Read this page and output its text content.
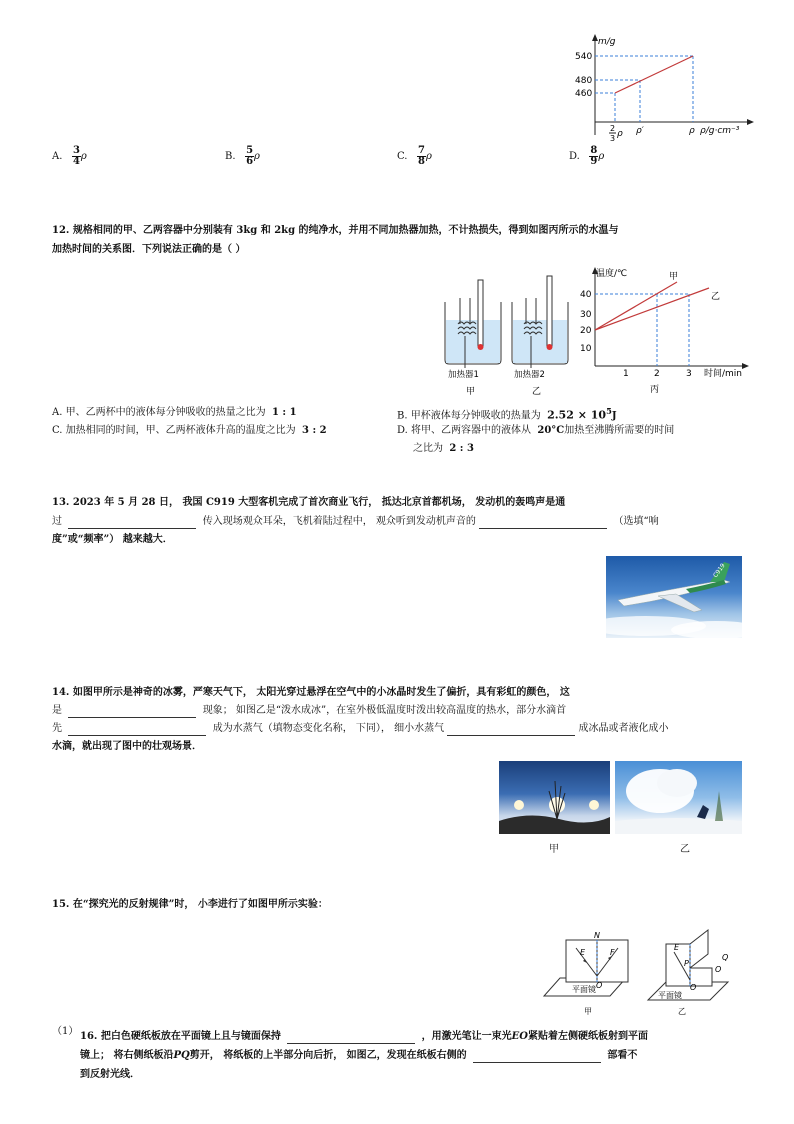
m/g
540
480
460
2
3 ρ ρ′	ρ ρ/g·cm⁻³
A. $\frac{3}{4}$ ρ	B. $\frac{5}{6}$ ρ	C. $\frac{7}{8}$ ρ	D. $\frac{8}{9}$ ρ
12. 规格相同的甲、乙两容器中分别装有 3kg 和 2kg 的纯净水，并用不同加热器加热，不计热损失，得到如图丙所示的水温与
加热时间的关系图．下列说法正确的是（ ）
加热器1	加热器2
甲	乙
温度/℃
40
30
20
10
甲
乙
1	2	3 时间/min
丙
A. 甲、乙两杯中的液体每分钟吸收的热量之比为 1 : 1	B. 甲杯液体每分钟吸收的热量为 $2.52 \times 10^5J$
C. 加热相同的时间，甲、乙两杯液体升高的温度之比为 3 : 2	D. 将甲、乙两容器中的液体从 20°C加热至沸腾所需要的时间
之比为 2 : 3
13. 2023 年 5 月 28 日， 我国 C919 大型客机完成了首次商业飞行， 抵达北京首都机场， 发动机的轰鸣声是通
过	传入现场观众耳朵，飞机着陆过程中， 观众听到发动机声音的	（选填“响
度”或“频率”） 越来越大．
C919
14. 如图甲所示是神奇的冰雾，严寒天气下， 太阳光穿过悬浮在空气中的小冰晶时发生了偏折，具有彩虹的颜色， 这
是	现象； 如图乙是“泼水成冰”，在室外极低温度时泼出较高温度的热水，部分水滴首
先	成为水蒸气（填物态变化名称， 下同）， 细小水蒸气	成冰晶或者液化成小
水滴，就出现了图中的壮观场景．
甲	乙
15. 在“探究光的反射规律”时， 小李进行了如图甲所示实验：
N
E	F
O
平面镜
甲
E
P
Q
O
O
平面镜
乙
（1） 16. 把白色硬纸板放在平面镜上且与镜面保持	，用激光笔让一束光EO紧贴着左侧硬纸板射到平面
镜上； 将右侧纸板沿PQ剪开， 将纸板的上半部分向后折， 如图乙，发现在纸板右侧的	部看不
到反射光线．
